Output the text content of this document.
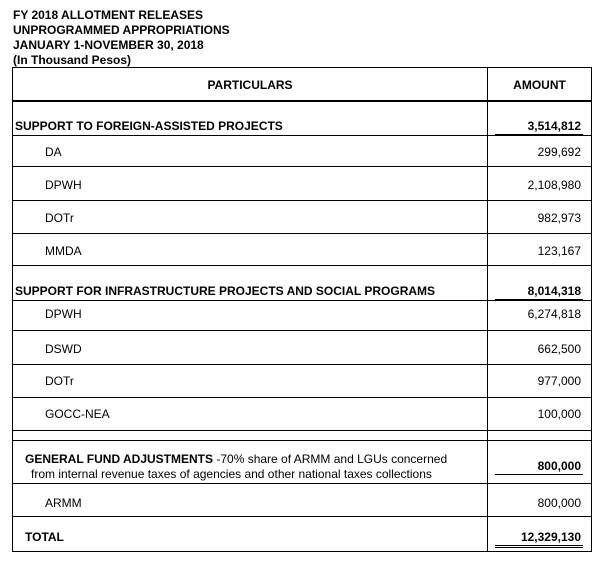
FY 2018 ALLOTMENT RELEASES
UNPROGRAMMED APPROPRIATIONS
JANUARY 1-NOVEMBER 30, 2018
(In Thousand Pesos)
PARTICULARS	AMOUNT
SUPPORT TO FOREIGN-ASSISTED PROJECTS	3,514,812
DA	299,692
DPWH	2,108,980
DOTr	982,973
MMDA	123,167
SUPPORT FOR INFRASTRUCTURE PROJECTS AND SOCIAL PROGRAMS	8,014,318
DPWH	6,274,818
DSWD	662,500
DOTr	977,000
GOCC-NEA	100,000
GENERAL FUND ADJUSTMENTS -70% share of ARMM and LGUs concerned
from internal revenue taxes of agencies and other national taxes collections
800,000
ARMM	800,000
TOTAL	12,329,130
